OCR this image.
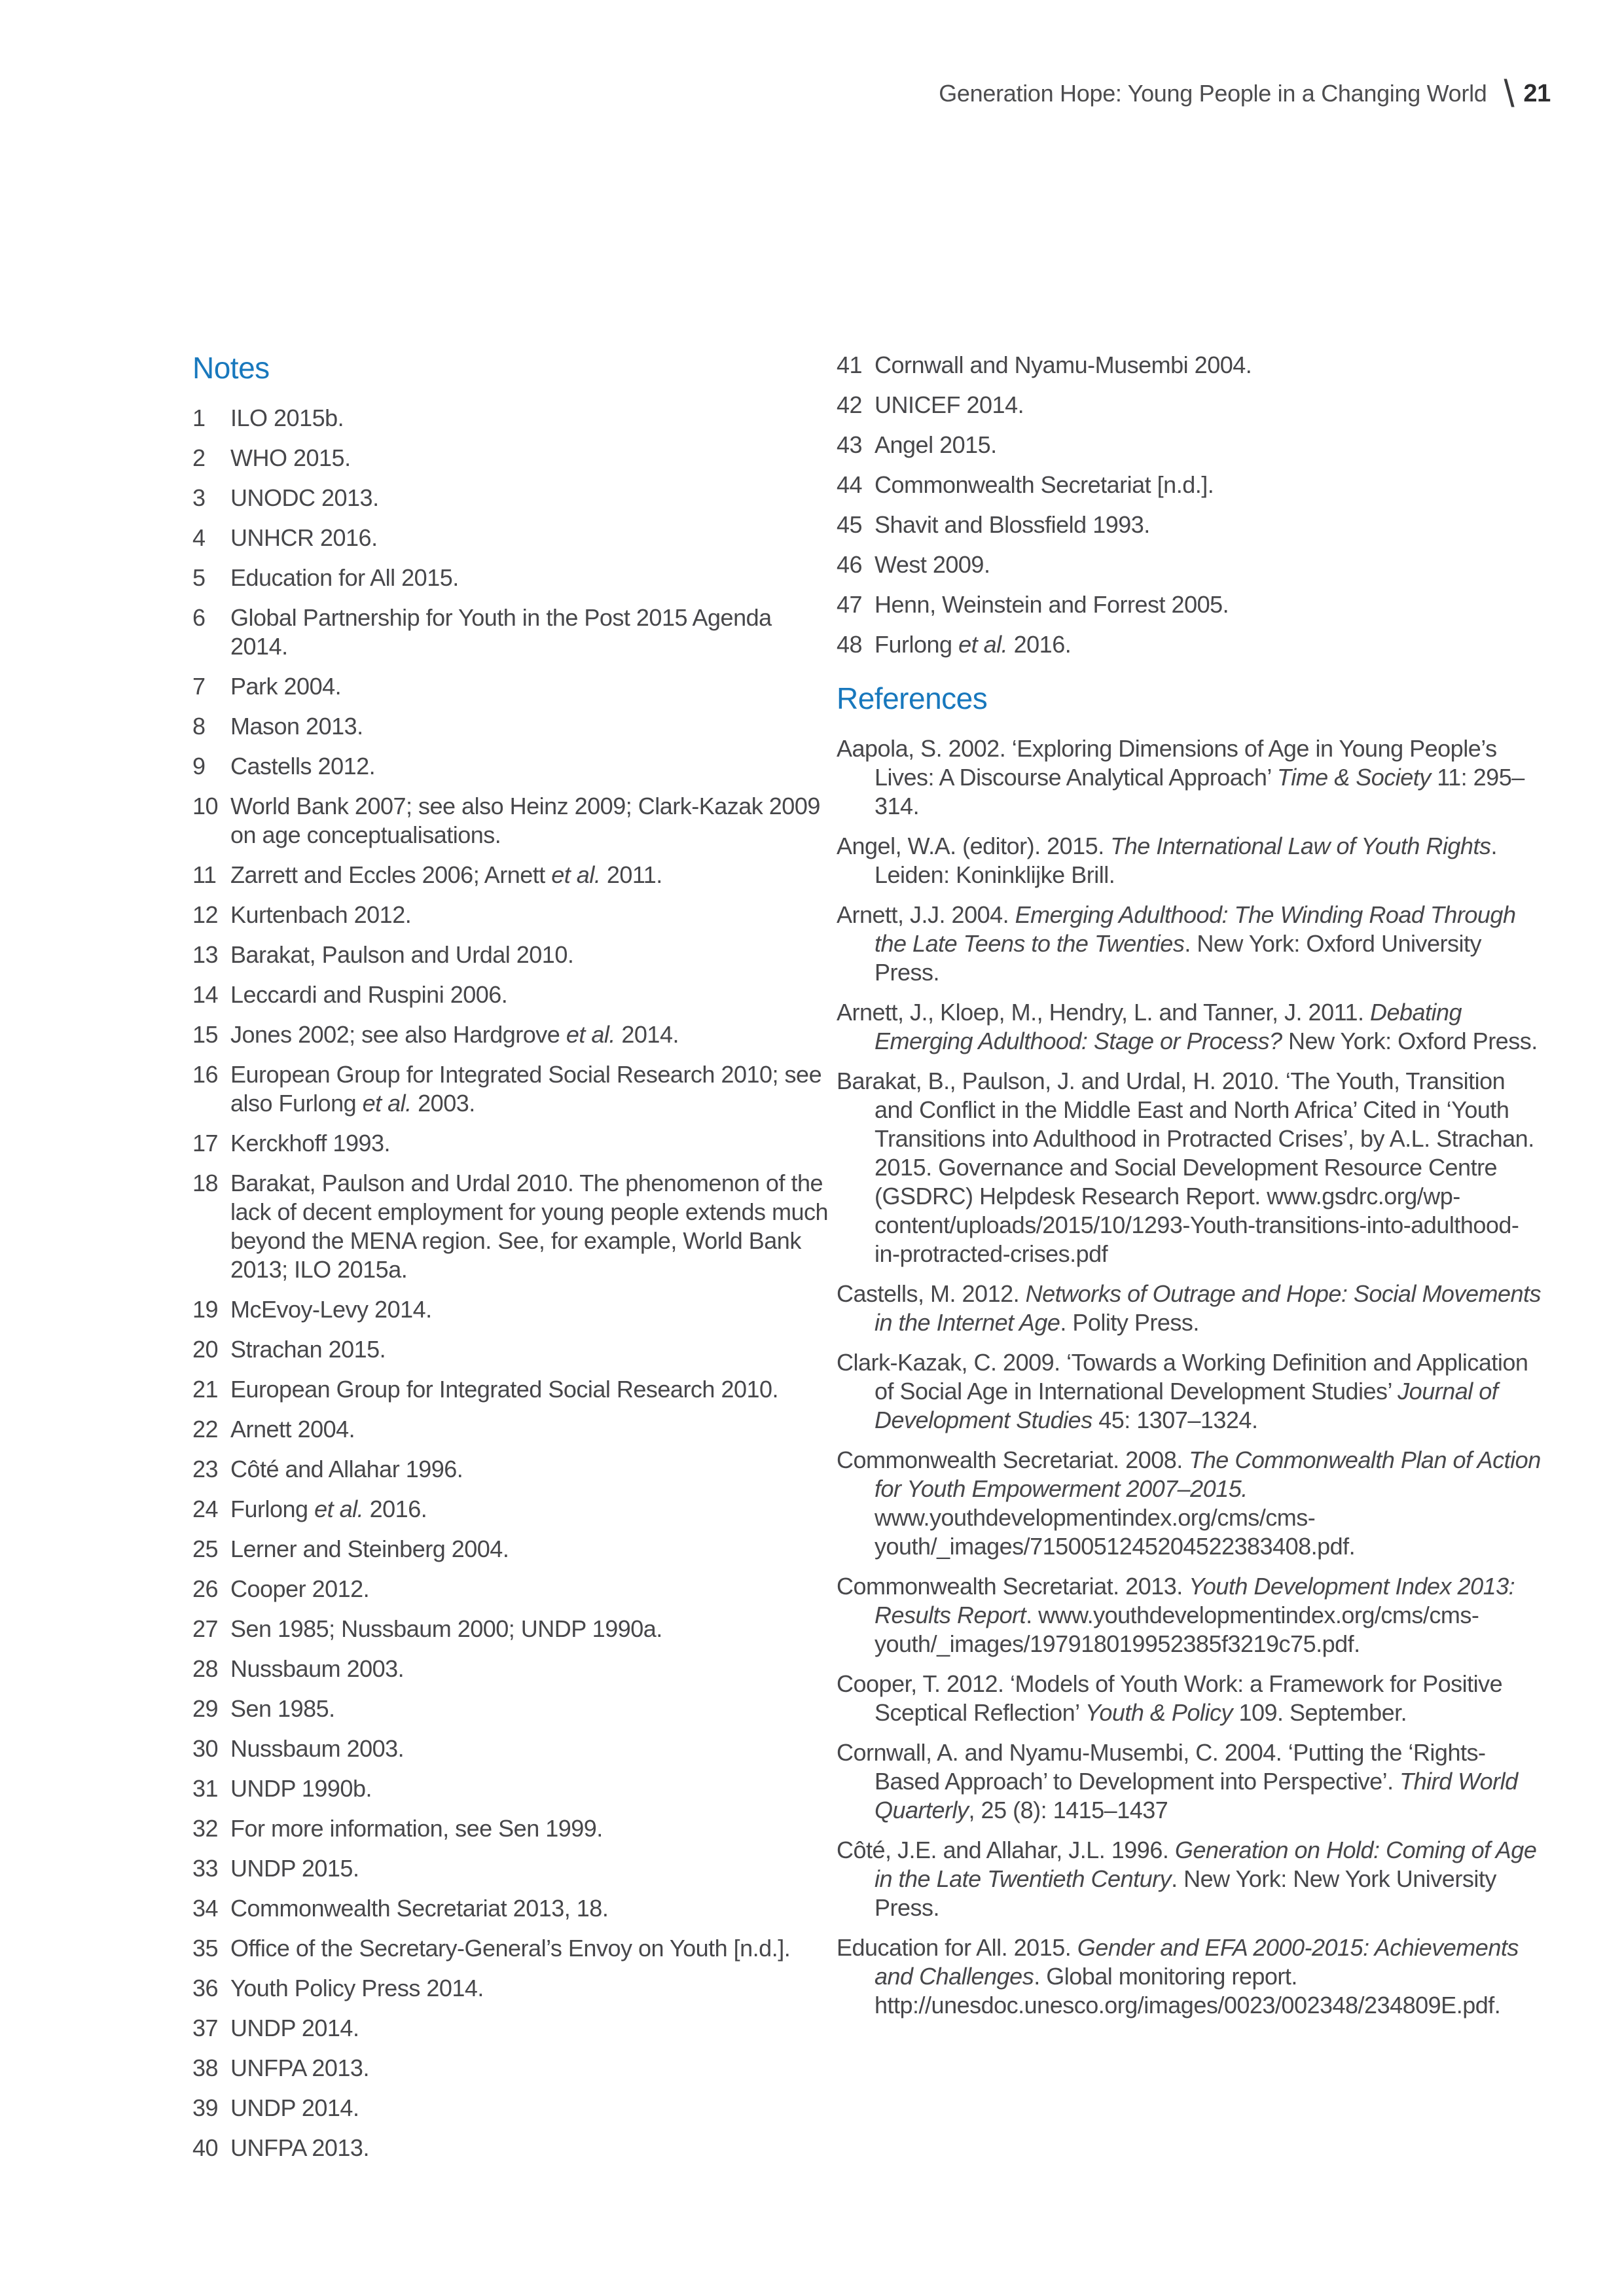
Generation Hope: Young People in a Changing World \ 21
Notes
1	ILO 2015b.
2	WHO 2015.
3	UNODC 2013.
4	UNHCR 2016.
5	Education for All 2015.
6	Global Partnership for Youth in the Post 2015 Agenda 2014.
7	Park 2004.
8	Mason 2013.
9	Castells 2012.
10 World Bank 2007; see also Heinz 2009; Clark-Kazak 2009 on age conceptualisations.
11 Zarrett and Eccles 2006; Arnett et al. 2011.
12 Kurtenbach 2012.
13 Barakat, Paulson and Urdal 2010.
14 Leccardi and Ruspini 2006.
15 Jones 2002; see also Hardgrove et al. 2014.
16 European Group for Integrated Social Research 2010; see also Furlong et al. 2003.
17 Kerckhoff 1993.
18 Barakat, Paulson and Urdal 2010. The phenomenon of the lack of decent employment for young people extends much beyond the MENA region. See, for example, World Bank 2013; ILO 2015a.
19 McEvoy-Levy 2014.
20 Strachan 2015.
21 European Group for Integrated Social Research 2010.
22 Arnett 2004.
23 Côté and Allahar 1996.
24 Furlong et al. 2016.
25 Lerner and Steinberg 2004.
26 Cooper 2012.
27 Sen 1985; Nussbaum 2000; UNDP 1990a.
28 Nussbaum 2003.
29 Sen 1985.
30 Nussbaum 2003.
31 UNDP 1990b.
32 For more information, see Sen 1999.
33 UNDP 2015.
34 Commonwealth Secretariat 2013, 18.
35 Office of the Secretary-General’s Envoy on Youth [n.d.].
36 Youth Policy Press 2014.
37 UNDP 2014.
38 UNFPA 2013.
39 UNDP 2014.
40 UNFPA 2013.
41 Cornwall and Nyamu-Musembi 2004.
42 UNICEF 2014.
43 Angel 2015.
44 Commonwealth Secretariat [n.d.].
45 Shavit and Blossfield 1993.
46 West 2009.
47 Henn, Weinstein and Forrest 2005.
48 Furlong et al. 2016.
References

Aapola, S. 2002. ‘Exploring Dimensions of Age in Young People’s Lives: A Discourse Analytical Approach’ Time & Society 11: 295–314.

Angel, W.A. (editor). 2015. The International Law of Youth Rights. Leiden: Koninklijke Brill.

Arnett, J.J. 2004. Emerging Adulthood: The Winding Road Through the Late Teens to the Twenties. New York: Oxford University Press.

Arnett, J., Kloep, M., Hendry, L. and Tanner, J. 2011. Debating Emerging Adulthood: Stage or Process? New York: Oxford Press.

Barakat, B., Paulson, J. and Urdal, H. 2010. ‘The Youth, Transition and Conflict in the Middle East and North Africa’ Cited in ‘Youth Transitions into Adulthood in Protracted Crises’, by A.L. Strachan. 2015. Governance and Social Development Resource Centre (GSDRC) Helpdesk Research Report. www.gsdrc.org/wp-content/uploads/2015/10/1293-Youth-transitions-into-adulthood-in-protracted-crises.pdf

Castells, M. 2012. Networks of Outrage and Hope: Social Movements in the Internet Age. Polity Press.

Clark-Kazak, C. 2009. ‘Towards a Working Definition and Application of Social Age in International Development Studies’ Journal of Development Studies 45: 1307–1324.

Commonwealth Secretariat. 2008. The Commonwealth Plan of Action for Youth Empowerment 2007–2015. www.youthdevelopmentindex.org/cms/cms-youth/_images/7150051245204522383408.pdf.

Commonwealth Secretariat. 2013. Youth Development Index 2013: Results Report. www.youthdevelopmentindex.org/cms/cms-youth/_images/197918019952385f3219c75.pdf.

Cooper, T. 2012. ‘Models of Youth Work: a Framework for Positive Sceptical Reflection’ Youth & Policy 109. September.

Cornwall, A. and Nyamu-Musembi, C. 2004. ‘Putting the ‘Rights-Based Approach’ to Development into Perspective’. Third World Quarterly, 25 (8): 1415–1437

Côté, J.E. and Allahar, J.L. 1996. Generation on Hold: Coming of Age in the Late Twentieth Century. New York: New York University Press.

Education for All. 2015. Gender and EFA 2000-2015: Achievements and Challenges. Global monitoring report. http://unesdoc.unesco.org/images/0023/002348/234809E.pdf.
